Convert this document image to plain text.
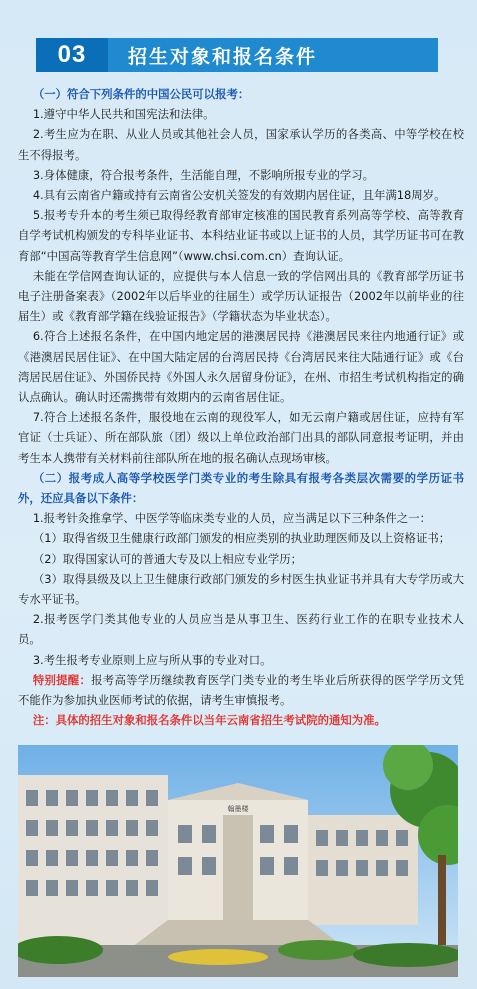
03	招生对象和报名条件

（一）符合下列条件的中国公民可以报考：

1.遵守中华人民共和国宪法和法律。

2.考生应为在职、从业人员或其他社会人员，国家承认学历的各类高、中等学校在校生不得报考。

3.身体健康，符合报考条件，生活能自理，不影响所报专业的学习。

4.具有云南省户籍或持有云南省公安机关签发的有效期内居住证，且年满18周岁。

5.报考专升本的考生须已取得经教育部审定核准的国民教育系列高等学校、高等教育自学考试机构颁发的专科毕业证书、本科结业证书或以上证书的人员，其学历证书可在教育部“中国高等教育学生信息网”（www.chsi.com.cn）查询认证。

未能在学信网查询认证的，应提供与本人信息一致的学信网出具的《教育部学历证书电子注册备案表》（2002年以后毕业的往届生）或学历认证报告（2002年以前毕业的往届生）或《教育部学籍在线验证报告》（学籍状态为毕业状态）。

6.符合上述报名条件，在中国内地定居的港澳居民持《港澳居民来往内地通行证》或《港澳居民居住证》、在中国大陆定居的台湾居民持《台湾居民来往大陆通行证》或《台湾居民居住证》、外国侨民持《外国人永久居留身份证》，在州、市招生考试机构指定的确认点确认。确认时还需携带有效期内的云南省居住证。

7.符合上述报名条件，服役地在云南的现役军人，如无云南户籍或居住证，应持有军官证（士兵证）、所在部队旅（团）级以上单位政治部门出具的部队同意报考证明，并由考生本人携带有关材料前往部队所在地的报名确认点现场审核。

（二）报考成人高等学校医学门类专业的考生除具有报考各类层次需要的学历证书外，还应具备以下条件：

1.报考针灸推拿学、中医学等临床类专业的人员，应当满足以下三种条件之一：

（1）取得省级卫生健康行政部门颁发的相应类别的执业助理医师及以上资格证书；

（2）取得国家认可的普通大专及以上相应专业学历；

（3）取得县级及以上卫生健康行政部门颁发的乡村医生执业证书并具有大专学历或大专水平证书。

2.报考医学门类其他专业的人员应当是从事卫生、医药行业工作的在职专业技术人员。

3.考生报考专业原则上应与所从事的专业对口。

特别提醒：报考高等学历继续教育医学门类专业的考生毕业后所获得的医学学历文凭不能作为参加执业医师考试的依据，请考生审慎报考。

注：具体的招生对象和报名条件以当年云南省招生考试院的通知为准。

翰墨楼
